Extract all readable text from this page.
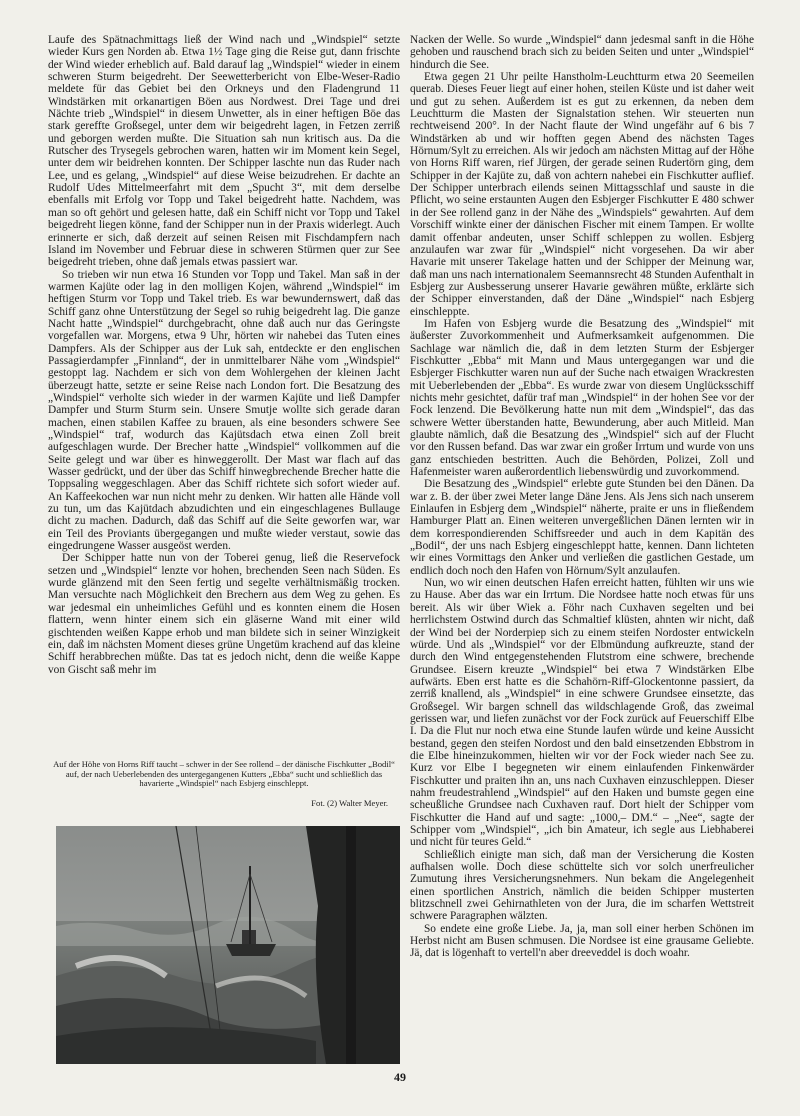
Laufe des Spätnachmittags ließ der Wind nach und „Windspiel“ setzte wieder Kurs gen Norden ab. Etwa 1½ Tage ging die Reise gut, dann frischte der Wind wieder erheblich auf. Bald darauf lag „Windspiel“ wieder in einem schweren Sturm beigedreht. Der Seewetterbericht von Elbe-Weser-Radio meldete für das Gebiet bei den Orkneys und den Fladengrund 11 Windstärken mit orkanartigen Böen aus Nordwest. Drei Tage und drei Nächte trieb „Windspiel“ in diesem Unwetter, als in einer heftigen Böe das stark gereffte Großsegel, unter dem wir beigedreht lagen, in Fetzen zerriß und geborgen werden mußte. Die Situation sah nun kritisch aus. Da die Rutscher des Trysegels gebrochen waren, hatten wir im Moment kein Segel, unter dem wir beidrehen konnten. Der Schipper laschte nun das Ruder nach Lee, und es gelang, „Windspiel“ auf diese Weise beizudrehen. Er dachte an Rudolf Udes Mittelmeerfahrt mit dem „Spucht 3“, mit dem derselbe ebenfalls mit Erfolg vor Topp und Takel beigedreht hatte. Nachdem, was man so oft gehört und gelesen hatte, daß ein Schiff nicht vor Topp und Takel beigedreht liegen könne, fand der Schipper nun in der Praxis widerlegt. Auch erinnerte er sich, daß derzeit auf seinen Reisen mit Fischdampfern nach Island im November und Februar diese in schweren Stürmen quer zur See beigedreht trieben, ohne daß jemals etwas passiert war.

So trieben wir nun etwa 16 Stunden vor Topp und Takel. Man saß in der warmen Kajüte oder lag in den molligen Kojen, während „Windspiel“ im heftigen Sturm vor Topp und Takel trieb. Es war bewundernswert, daß das Schiff ganz ohne Unterstützung der Segel so ruhig beigedreht lag. Die ganze Nacht hatte „Windspiel“ durchgebracht, ohne daß auch nur das Geringste vorgefallen war. Morgens, etwa 9 Uhr, hörten wir nahebei das Tuten eines Dampfers. Als der Schipper aus der Luk sah, entdeckte er den englischen Passagierdampfer „Finnland“, der in unmittelbarer Nähe vom „Windspiel“ gestoppt lag. Nachdem er sich von dem Wohlergehen der kleinen Jacht überzeugt hatte, setzte er seine Reise nach London fort. Die Besatzung des „Windspiel“ verholte sich wieder in der warmen Kajüte und ließ Dampfer Dampfer und Sturm Sturm sein. Unsere Smutje wollte sich gerade daran machen, einen stabilen Kaffee zu brauen, als eine besonders schwere See „Windspiel“ traf, wodurch das Kajütsdach etwa einen Zoll breit aufgeschlagen wurde. Der Brecher hatte „Windspiel“ vollkommen auf die Seite gelegt und war über es hinweggerollt. Der Mast war flach auf das Wasser gedrückt, und der über das Schiff hinwegbrechende Brecher hatte die Toppsaling weggeschlagen. Aber das Schiff richtete sich sofort wieder auf. An Kaffeekochen war nun nicht mehr zu denken. Wir hatten alle Hände voll zu tun, um das Kajütdach abzudichten und ein eingeschlagenes Bullauge dicht zu machen. Dadurch, daß das Schiff auf die Seite geworfen war, war ein Teil des Proviants übergegangen und mußte wieder verstaut, sowie das eingedrungene Wasser ausgeöst werden.

Der Schipper hatte nun von der Toberei genug, ließ die Reservefock setzen und „Windspiel“ lenzte vor hohen, brechenden Seen nach Süden. Es wurde glänzend mit den Seen fertig und segelte verhältnismäßig trocken. Man versuchte nach Möglichkeit den Brechern aus dem Weg zu gehen. Es war jedesmal ein unheimliches Gefühl und es konnten einem die Hosen flattern, wenn hinter einem sich ein gläserne Wand mit einer wild gischtenden weißen Kappe erhob und man bildete sich in seiner Winzigkeit ein, daß im nächsten Moment dieses grüne Ungetüm krachend auf das kleine Schiff herabbrechen müßte. Das tat es jedoch nicht, denn die weiße Kappe von Gischt saß mehr im

Auf der Höhe von Horns Riff taucht – schwer in der See rollend – der dänische Fischkutter „Bodil“ auf, der nach Ueberlebenden des untergegangenen Kutters „Ebba“ sucht und schließlich das havarierte „Windspiel“ nach Esbjerg einschleppt.
Fot. (2) Walter Meyer.

Nacken der Welle. So wurde „Windspiel“ dann jedesmal sanft in die Höhe gehoben und rauschend brach sich zu beiden Seiten und unter „Windspiel“ hindurch die See.

Etwa gegen 21 Uhr peilte Hanstholm-Leuchtturm etwa 20 Seemeilen querab. Dieses Feuer liegt auf einer hohen, steilen Küste und ist daher weit und gut zu sehen. Außerdem ist es gut zu erkennen, da neben dem Leuchtturm die Masten der Signalstation stehen. Wir steuerten nun rechtweisend 200°. In der Nacht flaute der Wind ungefähr auf 6 bis 7 Windstärken ab und wir hofften gegen Abend des nächsten Tages Hörnum/Sylt zu erreichen. Als wir jedoch am nächsten Mittag auf der Höhe von Horns Riff waren, rief Jürgen, der gerade seinen Rudertörn ging, dem Schipper in der Kajüte zu, daß von achtern nahebei ein Fischkutter auflief. Der Schipper unterbrach eilends seinen Mittagsschlaf und sauste in die Pflicht, wo seine erstaunten Augen den Esbjerger Fischkutter E 480 schwer in der See rollend ganz in der Nähe des „Windspiels“ gewahrten. Auf dem Vorschiff winkte einer der dänischen Fischer mit einem Tampen. Er wollte damit offenbar andeuten, unser Schiff schleppen zu wollen. Esbjerg anzulaufen war zwar für „Windspiel“ nicht vorgesehen. Da wir aber Havarie mit unserer Takelage hatten und der Schipper der Meinung war, daß man uns nach internationalem Seemannsrecht 48 Stunden Aufenthalt in Esbjerg zur Ausbesserung unserer Havarie gewähren müßte, erklärte sich der Schipper einverstanden, daß der Däne „Windspiel“ nach Esbjerg einschleppte.

Im Hafen von Esbjerg wurde die Besatzung des „Windspiel“ mit äußerster Zuvorkommenheit und Aufmerksamkeit aufgenommen. Die Sachlage war nämlich die, daß in dem letzten Sturm der Esbjerger Fischkutter „Ebba“ mit Mann und Maus untergegangen war und die Esbjerger Fischkutter waren nun auf der Suche nach etwaigen Wrackresten mit Ueberlebenden der „Ebba“. Es wurde zwar von diesem Unglücksschiff nichts mehr gesichtet, dafür traf man „Windspiel“ in der hohen See vor der Fock lenzend. Die Bevölkerung hatte nun mit dem „Windspiel“, das das schwere Wetter überstanden hatte, Bewunderung, aber auch Mitleid. Man glaubte nämlich, daß die Besatzung des „Windspiel“ sich auf der Flucht vor den Russen befand. Das war zwar ein großer Irrtum und wurde von uns ganz entschieden bestritten. Auch die Behörden, Polizei, Zoll und Hafenmeister waren außerordentlich liebenswürdig und zuvorkommend.

Die Besatzung des „Windspiel“ erlebte gute Stunden bei den Dänen. Da war z. B. der über zwei Meter lange Däne Jens. Als Jens sich nach unserem Einlaufen in Esbjerg dem „Windspiel“ näherte, praite er uns in fließendem Hamburger Platt an. Einen weiteren unvergeßlichen Dänen lernten wir in dem korrespondierenden Schiffsreeder und auch in dem Kapitän des „Bodil“, der uns nach Esbjerg eingeschleppt hatte, kennen. Dann lichteten wir eines Vormittags den Anker und verließen die gastlichen Gestade, um endlich doch noch den Hafen von Hörnum/Sylt anzulaufen.

Nun, wo wir einen deutschen Hafen erreicht hatten, fühlten wir uns wie zu Hause. Aber das war ein Irrtum. Die Nordsee hatte noch etwas für uns bereit. Als wir über Wiek a. Föhr nach Cuxhaven segelten und bei herrlichstem Ostwind durch das Schmaltief klüsten, ahnten wir nicht, daß der Wind bei der Norderpiep sich zu einem steifen Nordoster entwickeln würde. Und als „Windspiel“ vor der Elbmündung aufkreuzte, stand der durch den Wind entgegenstehenden Flutstrom eine schwere, brechende Grundsee. Eisern kreuzte „Windspiel“ bei etwa 7 Windstärken Elbe aufwärts. Eben erst hatte es die Schahörn-Riff-Glockentonne passiert, da zerriß knallend, als „Windspiel“ in eine schwere Grundsee einsetzte, das Großsegel. Wir bargen schnell das wildschlagende Groß, das zweimal gerissen war, und liefen zunächst vor der Fock zurück auf Feuerschiff Elbe I. Da die Flut nur noch etwa eine Stunde laufen würde und keine Aussicht bestand, gegen den steifen Nordost und den bald einsetzenden Ebbstrom in die Elbe hineinzukommen, hielten wir vor der Fock wieder nach See zu. Kurz vor Elbe I begegneten wir einem einlaufenden Finkenwärder Fischkutter und praiten ihn an, uns nach Cuxhaven einzuschleppen. Dieser nahm freudestrahlend „Windspiel“ auf den Haken und bumste gegen eine scheußliche Grundsee nach Cuxhaven rauf. Dort hielt der Schipper vom Fischkutter die Hand auf und sagte: „1000,– DM.“ – „Nee“, sagte der Schipper vom „Windspiel“, „ich bin Amateur, ich segle aus Liebhaberei und nicht für teures Geld.“

Schließlich einigte man sich, daß man der Versicherung die Kosten aufhalsen wolle. Doch diese schüttelte sich vor solch unerfreulicher Zumutung ihres Versicherungsnehmers. Nun bekam die Angelegenheit einen sportlichen Anstrich, nämlich die beiden Schipper musterten blitzschnell zwei Gehirnathleten von der Jura, die im scharfen Wettstreit schwere Paragraphen wälzten.

So endete eine große Liebe. Ja, ja, man soll einer herben Schönen im Herbst nicht am Busen schmusen. Die Nordsee ist eine grausame Geliebte. Jä, dat is lögenhaft to vertell'n aber dreeveddel is doch woahr.

49
